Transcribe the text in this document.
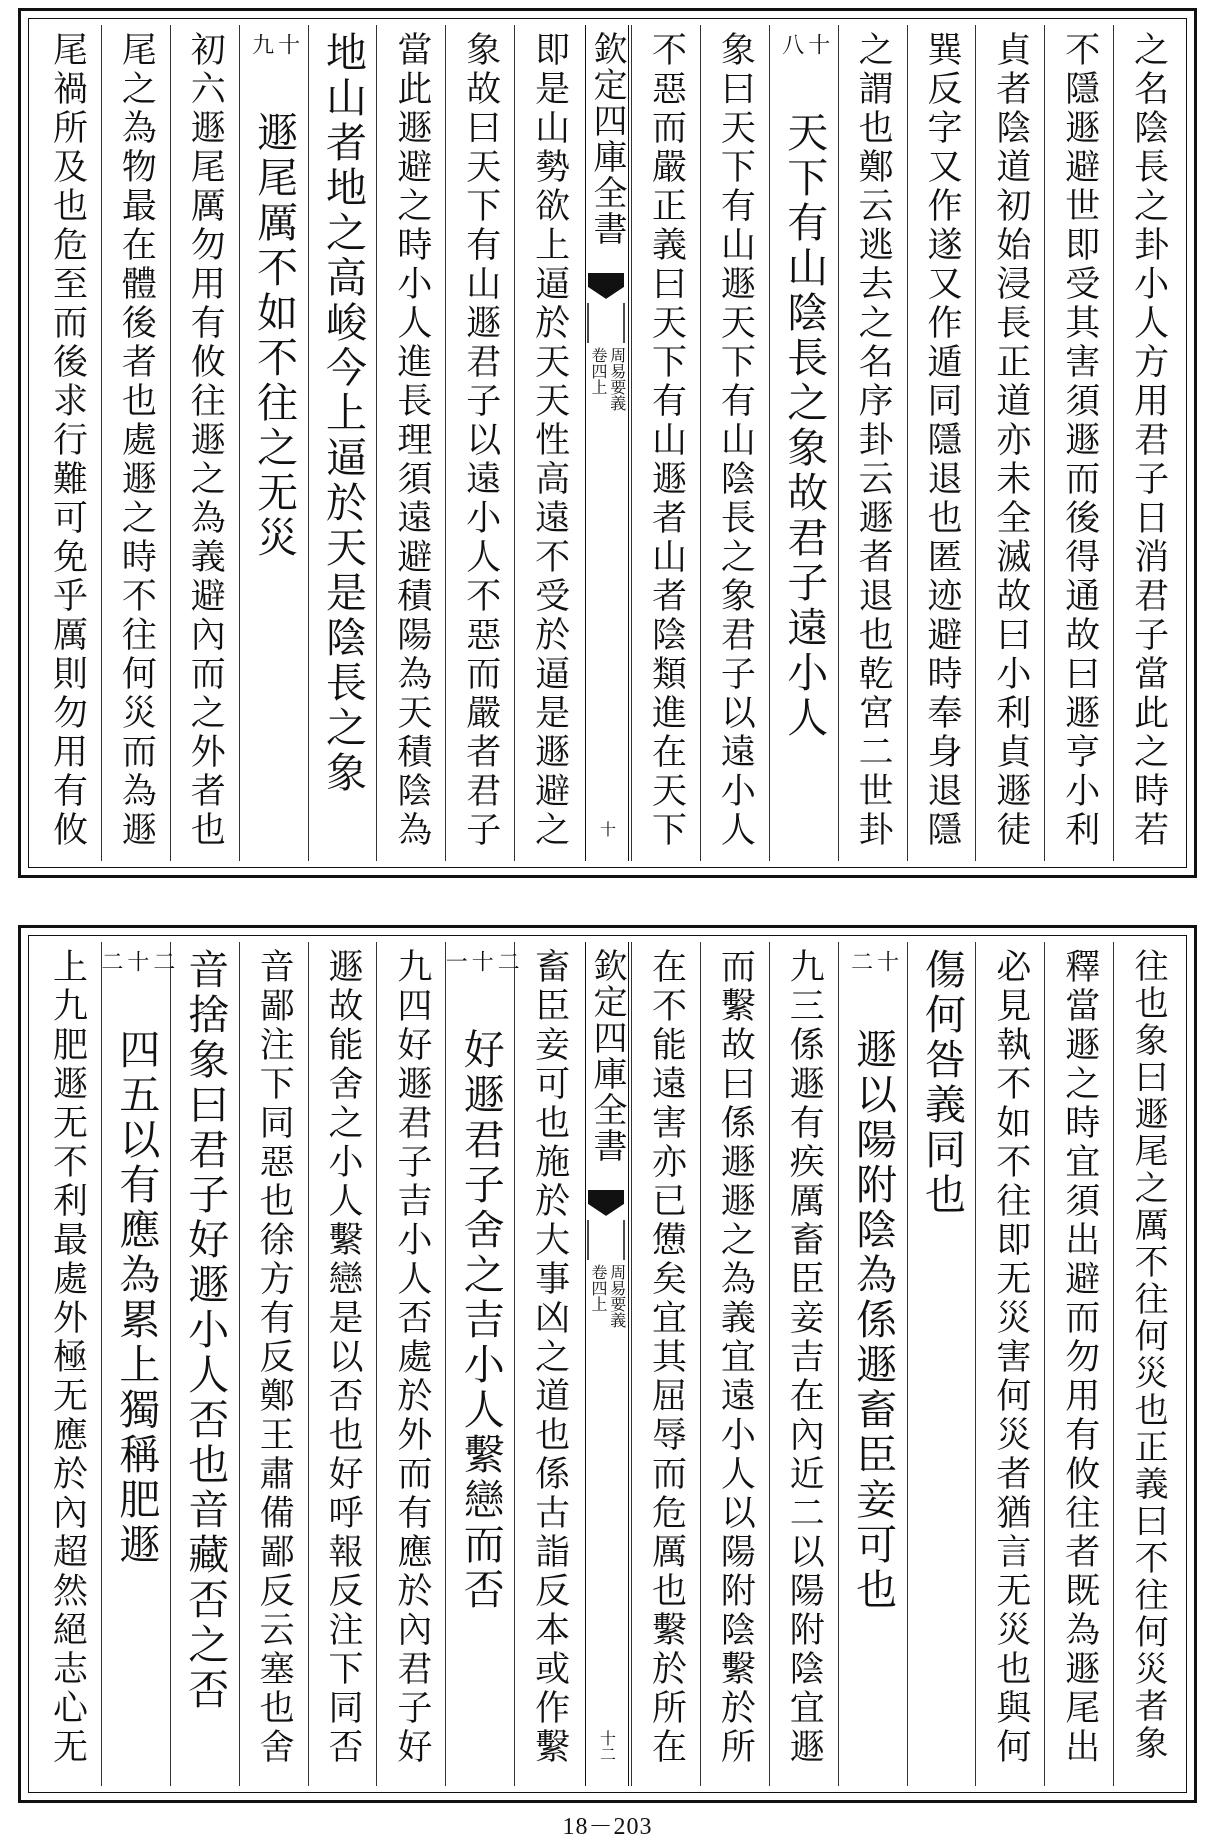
之名陰長之卦小人方用君子日消君子當此之時若
不隱遯避世即受其害須遯而後得通故曰遯亨小利
貞者陰道初始浸長正道亦未全滅故曰小利貞遯徒
巽反字又作遂又作遁同隱退也匿迹避時奉身退隱
之謂也鄭云逃去之名序卦云遯者退也乾宮二世卦
十
八
天下有山陰長之象故君子遠小人
象曰天下有山遯天下有山陰長之象君子以遠小人
不惡而嚴正義曰天下有山遯者山者陰類進在天下
欽定四庫全書
周易要義
卷四上
十
即是山勢欲上逼於天天性高遠不受於逼是遯避之
象故曰天下有山遯君子以遠小人不惡而嚴者君子
當此遯避之時小人進長理須遠避積陽為天積陰為
地山者地之高峻今上逼於天是陰長之象
十
九
遯尾厲不如不往之无災
初六遯尾厲勿用有攸往遯之為義避內而之外者也
尾之為物最在體後者也處遯之時不往何災而為遯
尾禍所及也危至而後求行難可免乎厲則勿用有攸
往也象曰遯尾之厲不往何災也正義曰不往何災者象
釋當遯之時宜須出避而勿用有攸往者既為遯尾出
必見執不如不往即无災害何災者猶言无災也與何
傷何咎義同也
十
二
遯以陽附陰為係遯畜臣妾可也
九三係遯有疾厲畜臣妾吉在內近二以陽附陰宜遯
而繫故曰係遯遯之為義宜遠小人以陽附陰繫於所
在不能遠害亦已憊矣宜其屈辱而危厲也繫於所在
欽定四庫全書
周易要義
卷四上
十二
畜臣妾可也施於大事凶之道也係古詣反本或作繫
二
十
一
好遯君子舍之吉小人繫戀而否
九四好遯君子吉小人否處於外而有應於內君子好
遯故能舍之小人繫戀是以否也好呼報反注下同否
音鄙注下同惡也徐方有反鄭王肅備鄙反云塞也舍
音捨象曰君子好遯小人否也音藏否之否
二
十
二
四五以有應為累上獨稱肥遯
上九肥遯无不利最處外極无應於內超然絕志心无
18－203
